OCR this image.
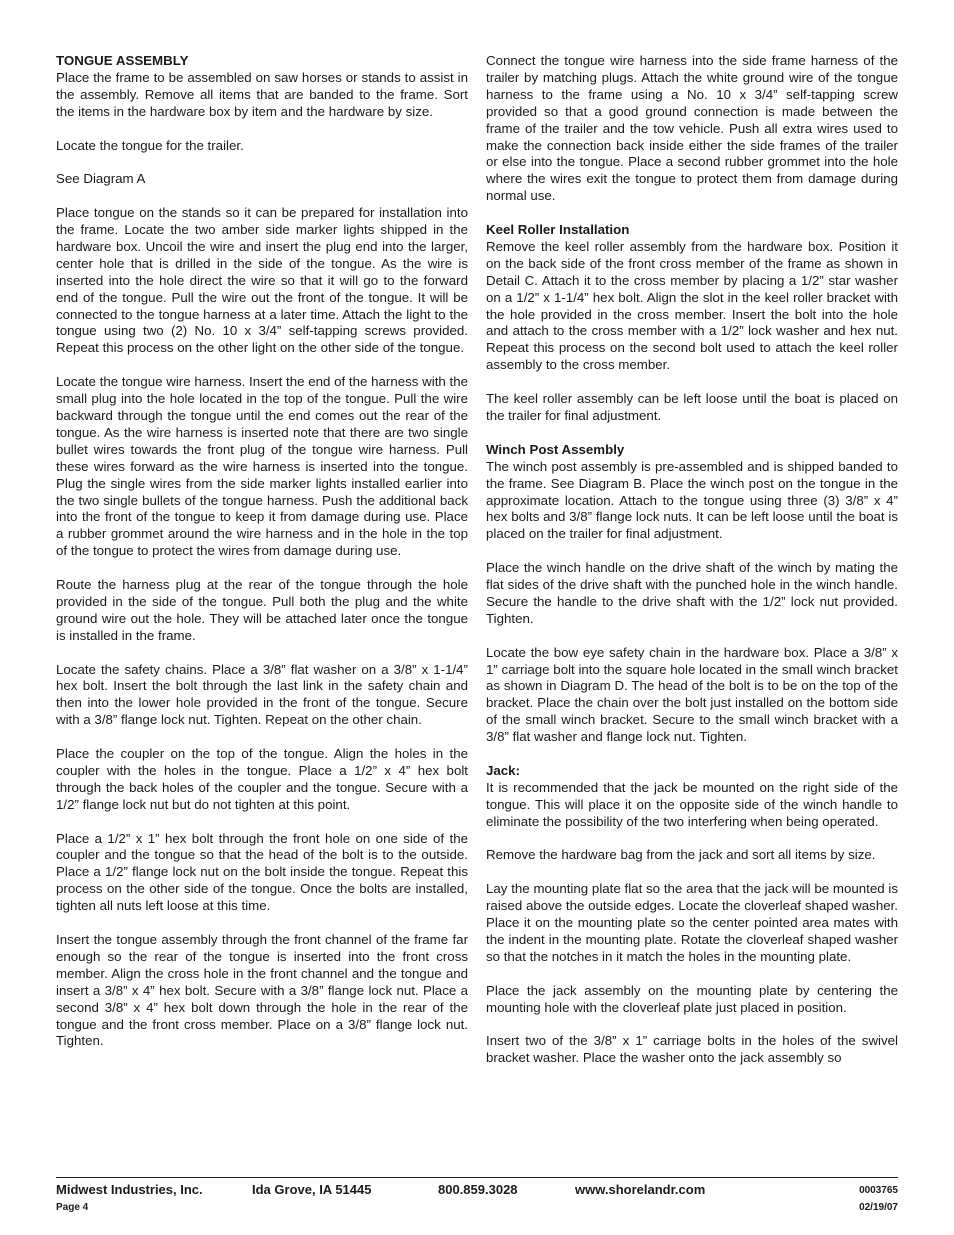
TONGUE ASSEMBLY

Place the frame to be assembled on saw horses or stands to assist in the assembly. Remove all items that are banded to the frame. Sort the items in the hardware box by item and the hardware by size.

Locate the tongue for the trailer.

See Diagram A

Place tongue on the stands so it can be prepared for installation into the frame. Locate the two amber side marker lights shipped in the hardware box. Uncoil the wire and insert the plug end into the larger, center hole that is drilled in the side of the tongue. As the wire is inserted into the hole direct the wire so that it will go to the forward end of the tongue. Pull the wire out the front of the tongue. It will be connected to the tongue harness at a later time. Attach the light to the tongue using two (2) No. 10 x 3/4” self-tapping screws provided. Repeat this process on the other light on the other side of the tongue.

Locate the tongue wire harness. Insert the end of the harness with the small plug into the hole located in the top of the tongue. Pull the wire backward through the tongue until the end comes out the rear of the tongue. As the wire harness is inserted note that there are two single bullet wires towards the front plug of the tongue wire harness. Pull these wires forward as the wire harness is inserted into the tongue. Plug the single wires from the side marker lights installed earlier into the two single bullets of the tongue harness. Push the additional back into the front of the tongue to keep it from damage during use. Place a rubber grommet around the wire harness and in the hole in the top of the tongue to protect the wires from damage during use.

Route the harness plug at the rear of the tongue through the hole provided in the side of the tongue. Pull both the plug and the white ground wire out the hole. They will be attached later once the tongue is installed in the frame.

Locate the safety chains. Place a 3/8” flat washer on a 3/8” x 1-1/4” hex bolt. Insert the bolt through the last link in the safety chain and then into the lower hole provided in the front of the tongue. Secure with a 3/8” flange lock nut. Tighten. Repeat on the other chain.

Place the coupler on the top of the tongue. Align the holes in the coupler with the holes in the tongue. Place a 1/2” x 4” hex bolt through the back holes of the coupler and the tongue. Secure with a 1/2” flange lock nut but do not tighten at this point.

Place a 1/2” x 1” hex bolt through the front hole on one side of the coupler and the tongue so that the head of the bolt is to the outside. Place a 1/2” flange lock nut on the bolt inside the tongue. Repeat this process on the other side of the tongue. Once the bolts are installed, tighten all nuts left loose at this time.

Insert the tongue assembly through the front channel of the frame far enough so the rear of the tongue is inserted into the front cross member. Align the cross hole in the front channel and the tongue and insert a 3/8” x 4” hex bolt. Secure with a 3/8” flange lock nut. Place a second 3/8” x 4” hex bolt down through the hole in the rear of the tongue and the front cross member. Place on a 3/8” flange lock nut. Tighten.

Connect the tongue wire harness into the side frame harness of the trailer by matching plugs. Attach the white ground wire of the tongue harness to the frame using a No. 10 x 3/4” self-tapping screw provided so that a good ground connection is made between the frame of the trailer and the tow vehicle. Push all extra wires used to make the connection back inside either the side frames of the trailer or else into the tongue. Place a second rubber grommet into the hole where the wires exit the tongue to protect them from damage during normal use.

Keel Roller Installation

Remove the keel roller assembly from the hardware box. Position it on the back side of the front cross member of the frame as shown in Detail C. Attach it to the cross member by placing a 1/2” star washer on a 1/2” x 1-1/4” hex bolt. Align the slot in the keel roller bracket with the hole provided in the cross member. Insert the bolt into the hole and attach to the cross member with a 1/2” lock washer and hex nut. Repeat this process on the second bolt used to attach the keel roller assembly to the cross member.

The keel roller assembly can be left loose until the boat is placed on the trailer for final adjustment.

Winch Post Assembly

The winch post assembly is pre-assembled and is shipped banded to the frame. See Diagram B. Place the winch post on the tongue in the approximate location. Attach to the tongue using three (3) 3/8” x 4” hex bolts and 3/8” flange lock nuts. It can be left loose until the boat is placed on the trailer for final adjustment.

Place the winch handle on the drive shaft of the winch by mating the flat sides of the drive shaft with the punched hole in the winch handle. Secure the handle to the drive shaft with the 1/2” lock nut provided. Tighten.

Locate the bow eye safety chain in the hardware box. Place a 3/8” x 1” carriage bolt into the square hole located in the small winch bracket as shown in Diagram D. The head of the bolt is to be on the top of the bracket. Place the chain over the bolt just installed on the bottom side of the small winch bracket. Secure to the small winch bracket with a 3/8” flat washer and flange lock nut. Tighten.

Jack:

It is recommended that the jack be mounted on the right side of the tongue. This will place it on the opposite side of the winch handle to eliminate the possibility of the two interfering when being operated.

Remove the hardware bag from the jack and sort all items by size.

Lay the mounting plate flat so the area that the jack will be mounted is raised above the outside edges. Locate the cloverleaf shaped washer. Place it on the mounting plate so the center pointed area mates with the indent in the mounting plate. Rotate the cloverleaf shaped washer so that the notches in it match the holes in the mounting plate.

Place the jack assembly on the mounting plate by centering the mounting hole with the cloverleaf plate just placed in position.

Insert two of the 3/8” x 1” carriage bolts in the holes of the swivel bracket washer. Place the washer onto the jack assembly so

Midwest Industries, Inc.	Ida Grove, IA 51445	800.859.3028	www.shorelandr.com	0003765
Page 4	02/19/07
